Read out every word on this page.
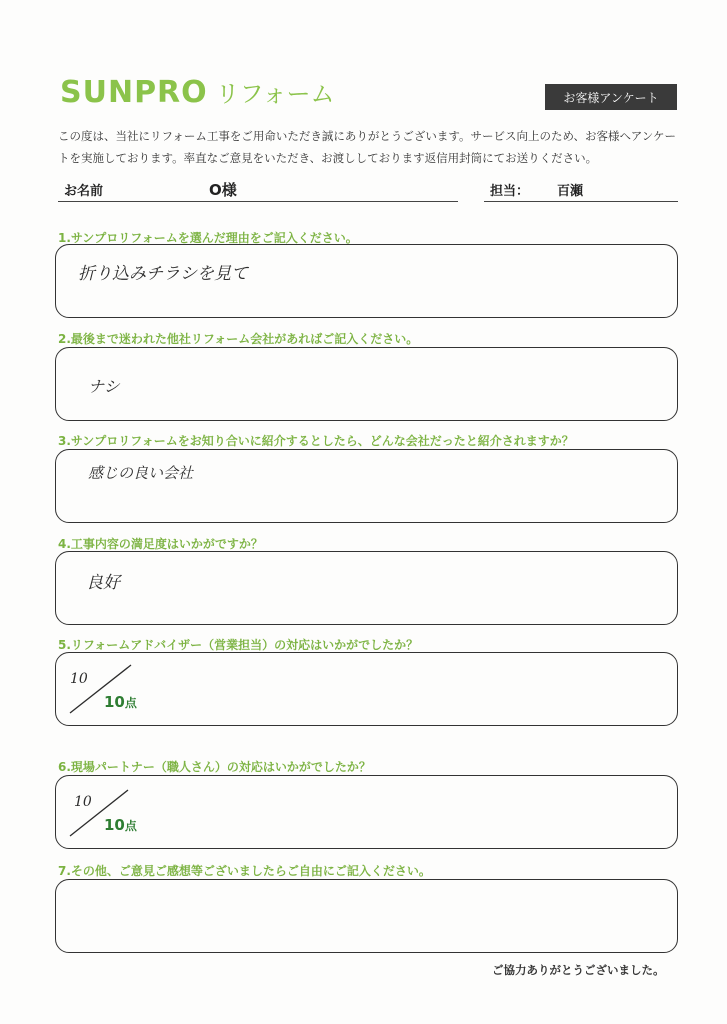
SUNPRO リフォーム	お客様アンケート
この度は、当社にリフォーム工事をご用命いただき誠にありがとうございます。サービス向上のため、お客様へアンケー
トを実施しております。率直なご意見をいただき、お渡ししております返信用封筒にてお送りください。
お名前	O様	担当： 百瀬
1.サンプロリフォームを選んだ理由をご記入ください。
折り込みチラシを見て
2.最後まで迷われた他社リフォーム会社があればご記入ください。
ナシ
3.サンプロリフォームをお知り合いに紹介するとしたら、どんな会社だったと紹介されますか？
感じの良い会社
4.工事内容の満足度はいかがですか？
良好
5.リフォームアドバイザー（営業担当）の対応はいかがでしたか？
10
10点
6.現場パートナー（職人さん）の対応はいかがでしたか？
10
10点
7.その他、ご意見ご感想等ございましたらご自由にご記入ください。
ご協力ありがとうございました。
